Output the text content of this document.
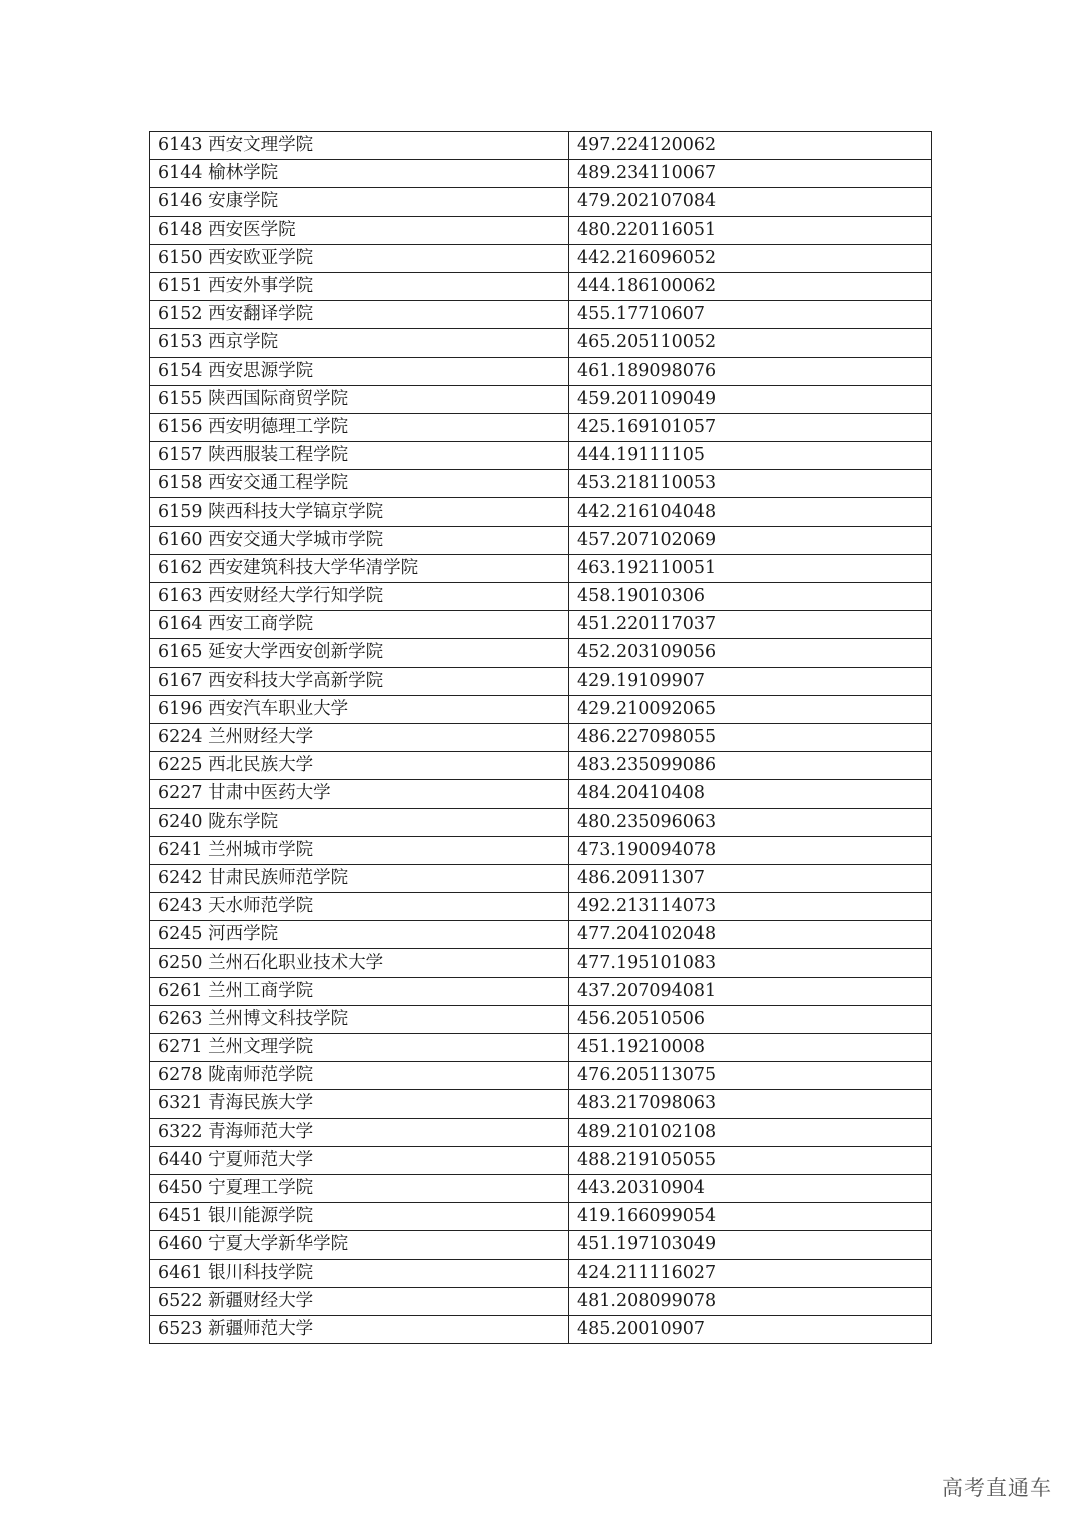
6143 西安文理学院	497.224120062
6144 榆林学院	489.234110067
6146 安康学院	479.202107084
6148 西安医学院	480.220116051
6150 西安欧亚学院	442.216096052
6151 西安外事学院	444.186100062
6152 西安翻译学院	455.17710607
6153 西京学院	465.205110052
6154 西安思源学院	461.189098076
6155 陕西国际商贸学院	459.201109049
6156 西安明德理工学院	425.169101057
6157 陕西服装工程学院	444.19111105
6158 西安交通工程学院	453.218110053
6159 陕西科技大学镐京学院	442.216104048
6160 西安交通大学城市学院	457.207102069
6162 西安建筑科技大学华清学院	463.192110051
6163 西安财经大学行知学院	458.19010306
6164 西安工商学院	451.220117037
6165 延安大学西安创新学院	452.203109056
6167 西安科技大学高新学院	429.19109907
6196 西安汽车职业大学	429.210092065
6224 兰州财经大学	486.227098055
6225 西北民族大学	483.235099086
6227 甘肃中医药大学	484.20410408
6240 陇东学院	480.235096063
6241 兰州城市学院	473.190094078
6242 甘肃民族师范学院	486.20911307
6243 天水师范学院	492.213114073
6245 河西学院	477.204102048
6250 兰州石化职业技术大学	477.195101083
6261 兰州工商学院	437.207094081
6263 兰州博文科技学院	456.20510506
6271 兰州文理学院	451.19210008
6278 陇南师范学院	476.205113075
6321 青海民族大学	483.217098063
6322 青海师范大学	489.210102108
6440 宁夏师范大学	488.219105055
6450 宁夏理工学院	443.20310904
6451 银川能源学院	419.166099054
6460 宁夏大学新华学院	451.197103049
6461 银川科技学院	424.211116027
6522 新疆财经大学	481.208099078
6523 新疆师范大学	485.20010907
高考直通车
